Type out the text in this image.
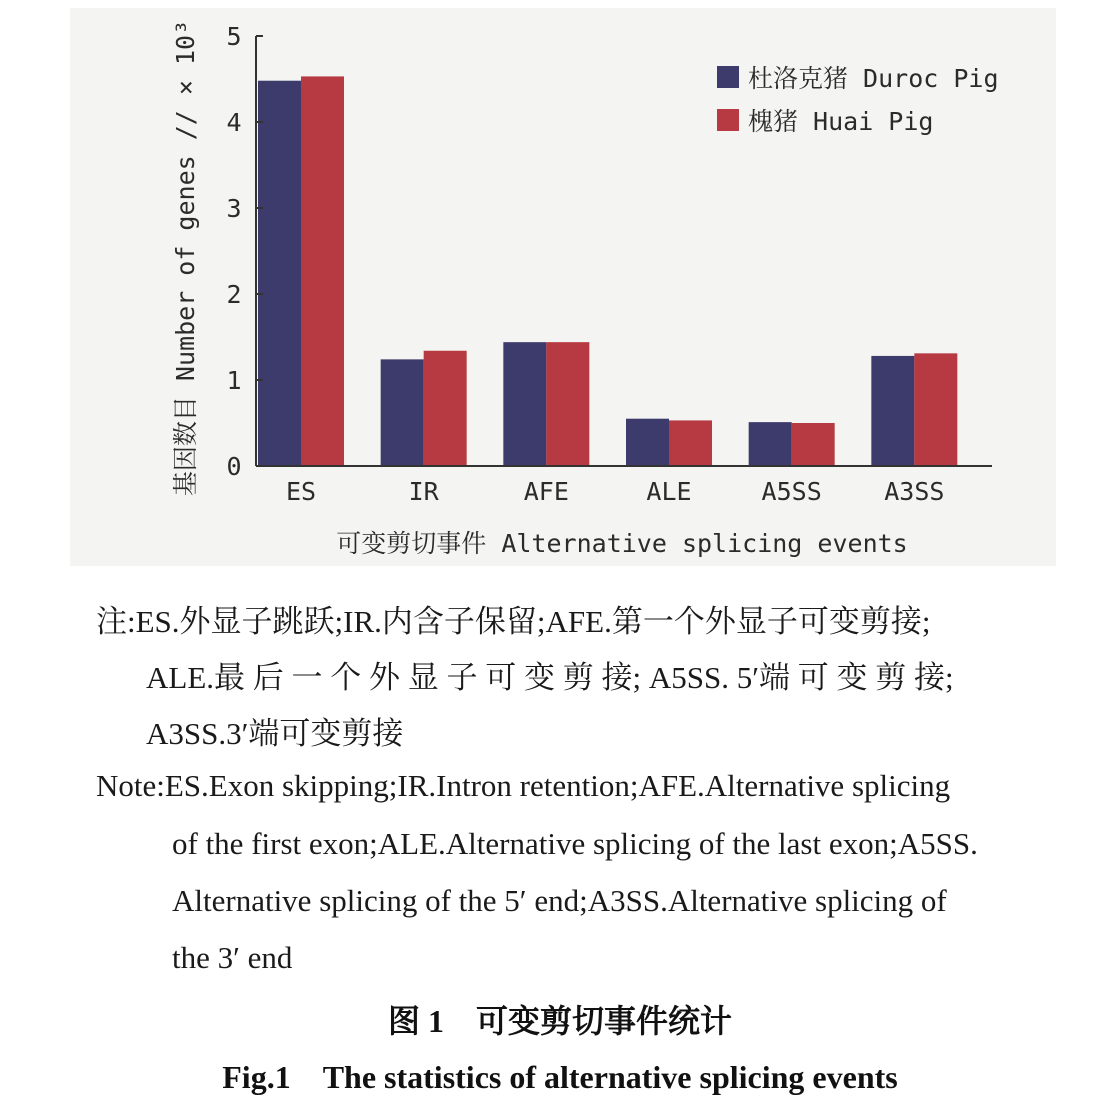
ES	IR	AFE	ALE	A5SS A3SS
0
1
2
3
4
5
基因数目 Number of genes // × 10³
可变剪切事件 Alternative splicing events
杜洛克猪 Duroc Pig
槐猪 Huai Pig
注:ES.外显子跳跃;IR.内含子保留;AFE.第一个外显子可变剪接;
ALE.最 后 一 个 外 显 子 可 变 剪 接; A5SS. 5′端 可 变 剪 接;
A3SS.3′端可变剪接
Note:ES.Exon skipping;IR.Intron retention;AFE.Alternative splicing
of the first exon;ALE.Alternative splicing of the last exon;A5SS.
Alternative splicing of the 5′ end;A3SS.Alternative splicing of
the 3′ end
图 1　可变剪切事件统计
Fig.1　The statistics of alternative splicing events
